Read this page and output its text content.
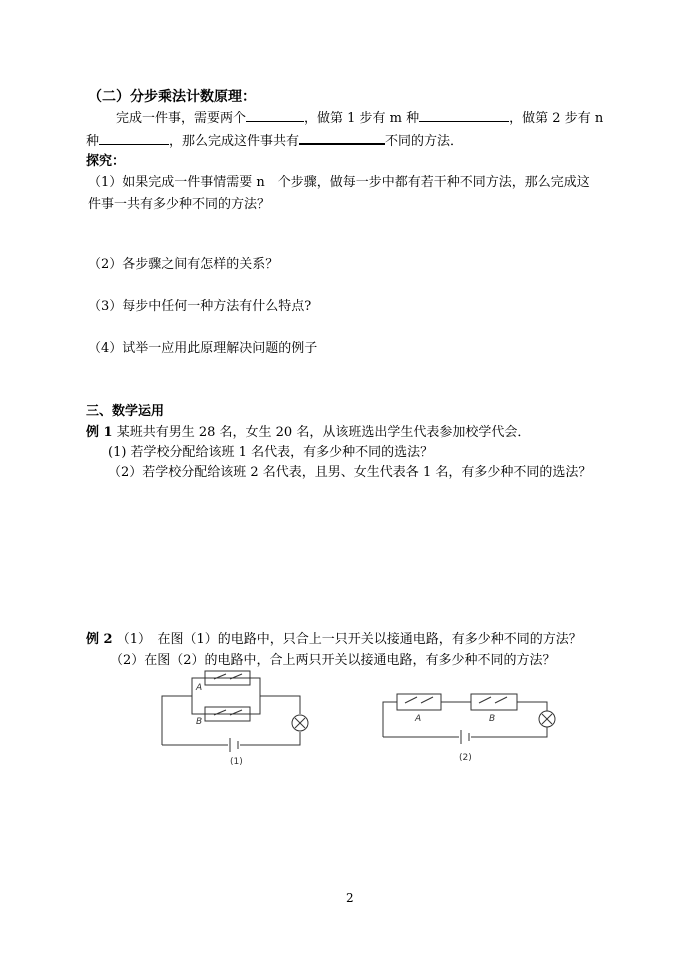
（二）分步乘法计数原理：
完成一件事，需要两个	，做第 1 步有 m 种	，做第 2 步有 n
种	，那么完成这件事共有	不同的方法．
探究：
（1）如果完成一件事情需要 n　个步骤，做每一步中都有若干种不同方法，那么完成这
件事一共有多少种不同的方法？
（2）各步骤之间有怎样的关系？
（3）每步中任何一种方法有什么特点?
（4）试举一应用此原理解决问题的例子
三、数学运用
例 1 某班共有男生 28 名，女生 20 名，从该班选出学生代表参加校学代会．
(1) 若学校分配给该班 1 名代表，有多少种不同的选法？
（2）若学校分配给该班 2 名代表，且男、女生代表各 1 名，有多少种不同的选法？
例 2 （1）　在图（1）的电路中，只合上一只开关以接通电路，有多少种不同的方法？
（2）在图（2）的电路中，合上两只开关以接通电路，有多少种不同的方法？
A
B
(1)
A	B
(2)
2
